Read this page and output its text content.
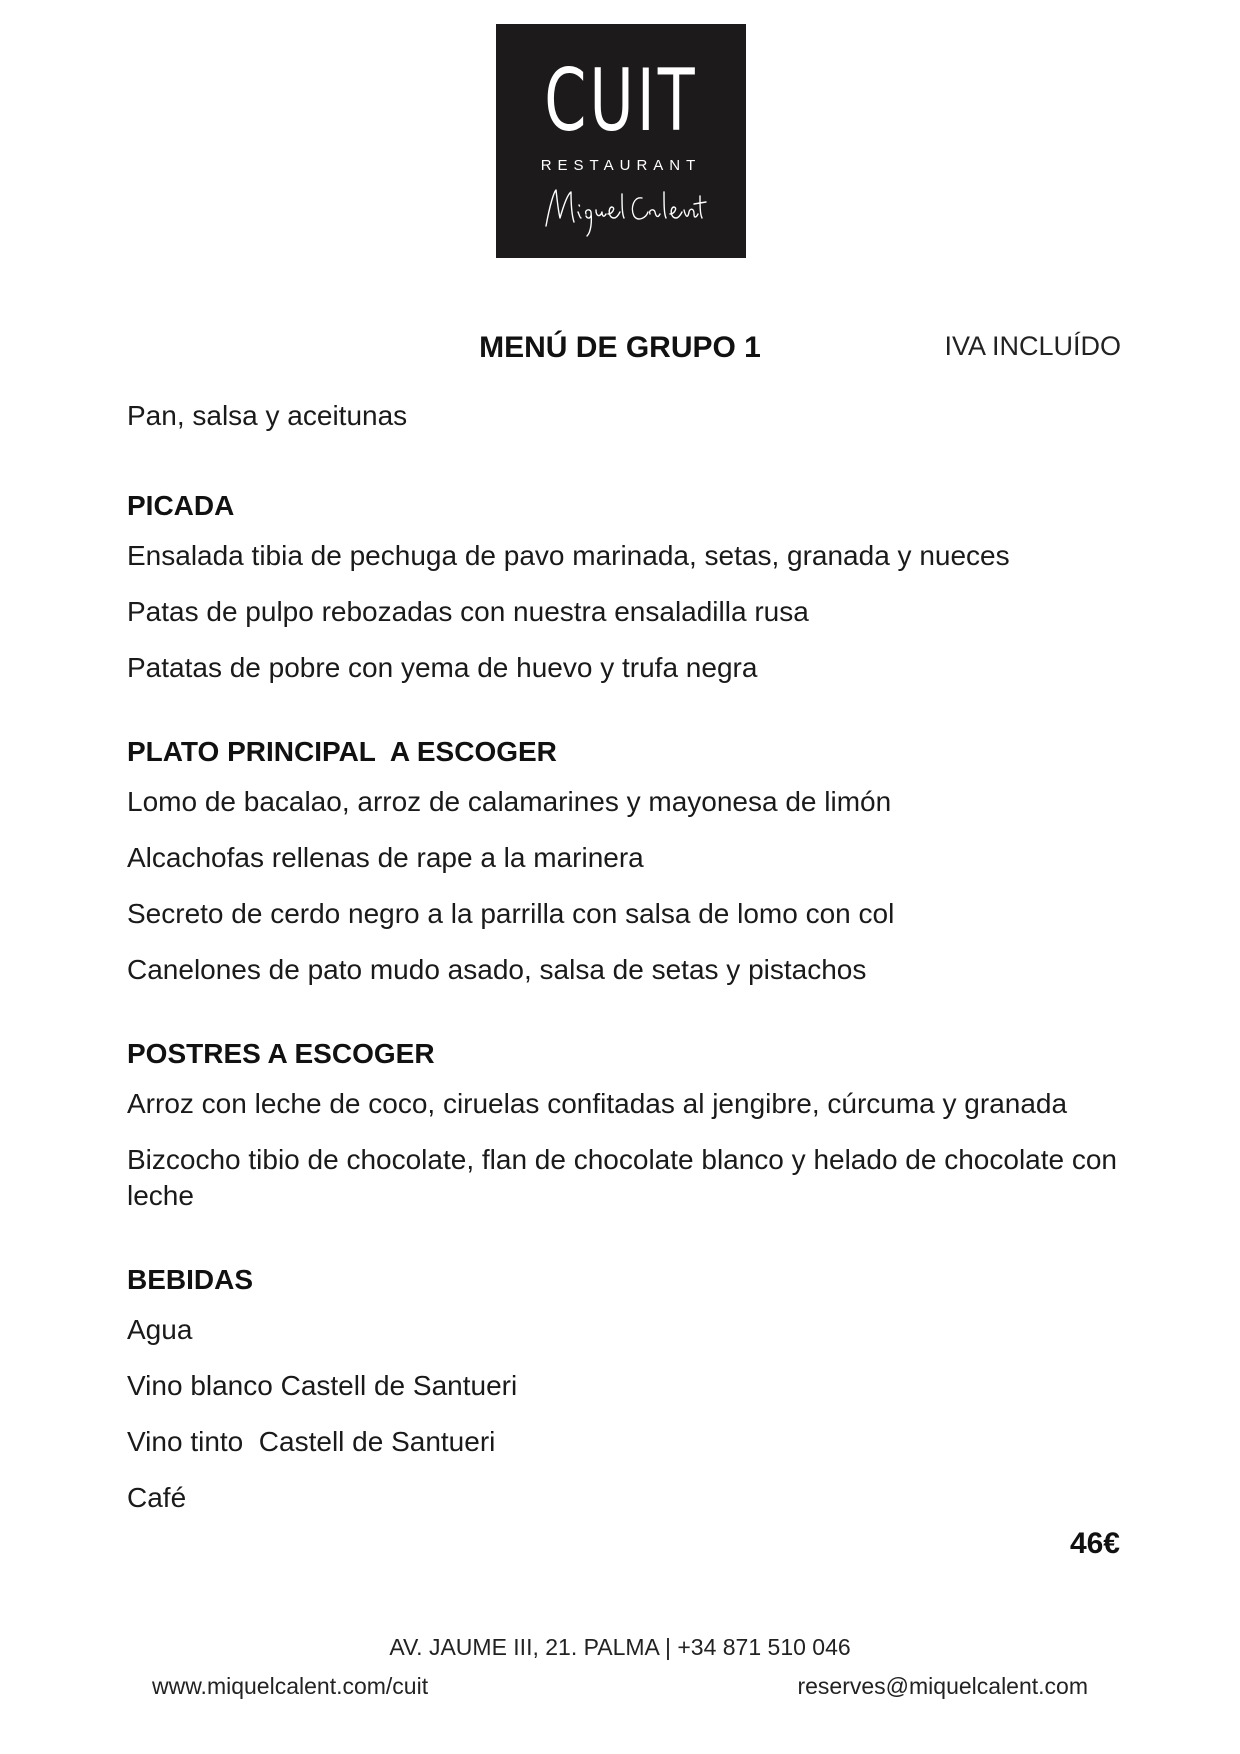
CUIT
RESTAURANT
MENÚ DE GRUPO 1	IVA INCLUÍDO
Pan, salsa y aceitunas
PICADA
Ensalada tibia de pechuga de pavo marinada, setas, granada y nueces
Patas de pulpo rebozadas con nuestra ensaladilla rusa
Patatas de pobre con yema de huevo y trufa negra
PLATO PRINCIPAL  A ESCOGER
Lomo de bacalao, arroz de calamarines y mayonesa de limón
Alcachofas rellenas de rape a la marinera
Secreto de cerdo negro a la parrilla con salsa de lomo con col
Canelones de pato mudo asado, salsa de setas y pistachos
POSTRES A ESCOGER
Arroz con leche de coco, ciruelas confitadas al jengibre, cúrcuma y granada
Bizcocho tibio de chocolate, flan de chocolate blanco y helado de chocolate con leche
BEBIDAS
Agua
Vino blanco Castell de Santueri
Vino tinto  Castell de Santueri
Café
46€
AV. JAUME III, 21. PALMA | +34 871 510 046
www.miquelcalent.com/cuit	reserves@miquelcalent.com
